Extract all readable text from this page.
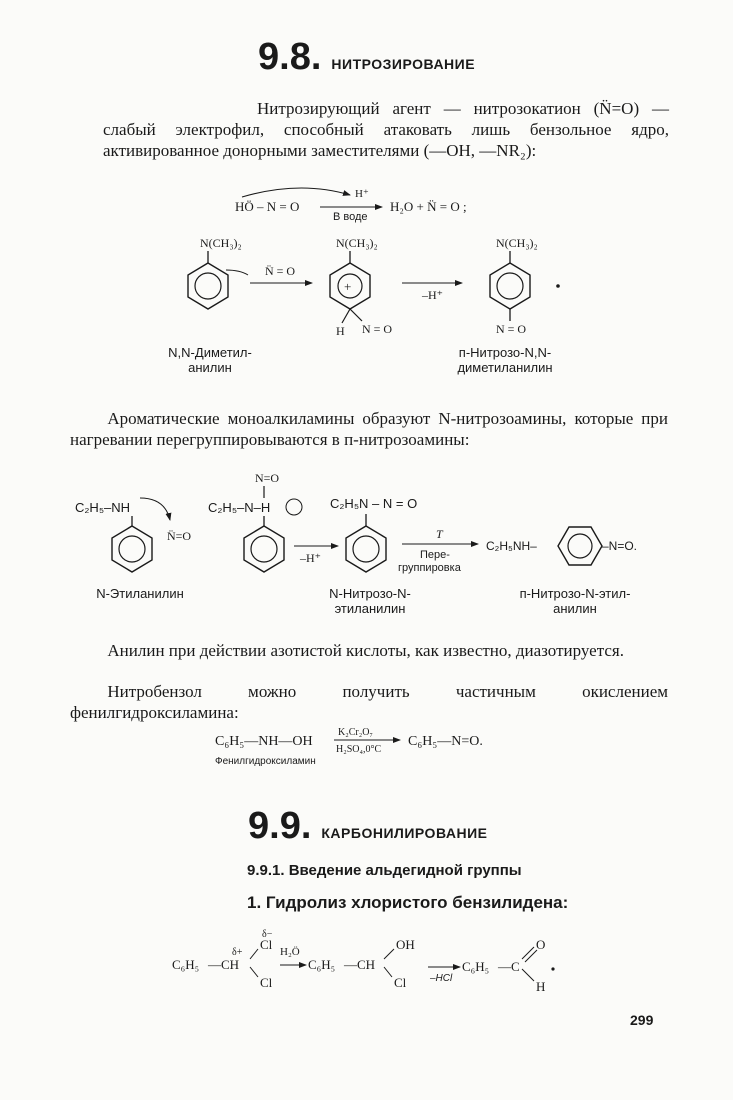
9.8. НИТРОЗИРОВАНИЕ
Нитрозирующий агент — нитрозокатион (N̈=O) — слабый электрофил, способный атаковать лишь бензольное ядро, активированное донорными заместителями (—OH, —NR₂):
HÖ – N = O
H⁺
В воде
H₂O + N̈ = O ;
N(CH₃)₂
N̈ = O
N(CH₃)₂
+
H N = O
–H⁺
N(CH₃)₂
N = O
N,N-Диметил-
анилин
п-Нитрозо-N,N-
диметиланилин
Ароматические моноалкиламины образуют N-нитрозоамины, которые при нагревании перегруппировываются в п-нитрозоамины:
C₂H₅–NH
N̈=O
N=O
C₂H₅–N–H
–H⁺
C₂H₅N – N = O
T
Пере-
группировка
C₂H₅NH–	–N=O.
N-Этиланилин	N-Нитрозо-N-
этиланилин
п-Нитрозо-N-этил-
анилин
Анилин при действии азотистой кислоты, как известно, диазотируется.
Нитробензол можно получить частичным окислением фенилгидроксиламина:
C₆H₅—NH—OH
K₂Cr₂O₇
H₂SO₄,0°C
C₆H₅—N=O.
Фенилгидроксиламин
9.9. КАРБОНИЛИРОВАНИЕ
9.9.1. Введение альдегидной группы
1. Гидролиз хлористого бензилидена:
C₆H₅ —CH
δ+
δ−
Cl
Cl
H₂Ö
C₆H₅ —CH
OH
Cl –HCl
C₆H₅ —C
O
H
299
